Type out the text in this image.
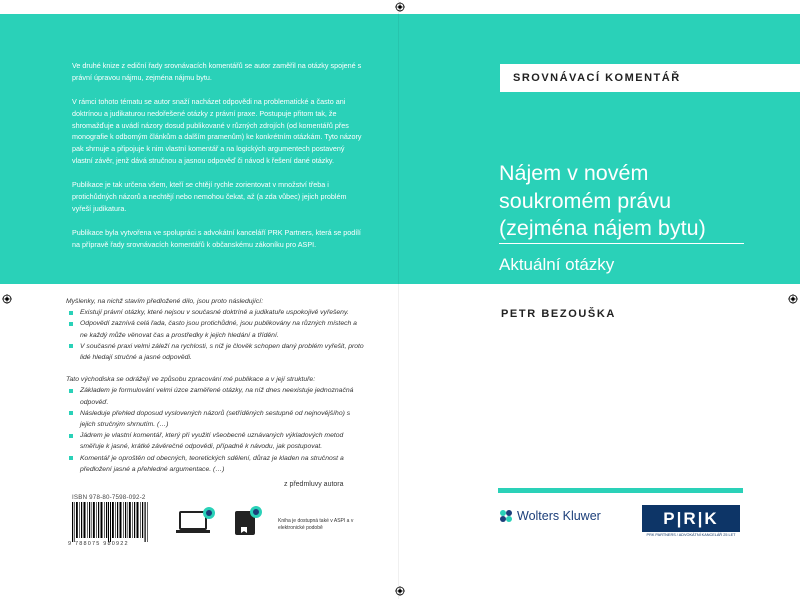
Ve druhé knize z ediční řady srovnávacích komentářů se autor zaměřil na otázky spojené s právní úpravou nájmu, zejména nájmu bytu.

V rámci tohoto tématu se autor snaží nacházet odpovědi na problematické a často ani doktrínou a judikaturou nedořešené otázky z právní praxe. Postupuje přitom tak, že shromažďuje a uvádí názory dosud publikované v různých zdrojích (od komentářů přes monografie k odborným článkům a dalším pramenům) ke konkrétním otázkám. Tyto názory pak shrnuje a připojuje k nim vlastní komentář a na logických argumentech postavený vlastní závěr, jenž dává stručnou a jasnou odpověď či návod k řešení dané otázky.

Publikace je tak určena všem, kteří se chtějí rychle zorientovat v množství třeba i protichůdných názorů a nechtějí nebo nemohou čekat, až (a zda vůbec) jejich problém vyřeší judikatura.

Publikace byla vytvořena ve spolupráci s advokátní kanceláří PRK Partners, která se podílí na přípravě řady srovnávacích komentářů k občanskému zákoníku pro ASPI.

SROVNÁVACÍ KOMENTÁŘ
Nájem v novém
soukromém právu
(zejména nájem bytu)
Aktuální otázky
PETR BEZOUŠKA

Myšlenky, na nichž stavím předložené dílo, jsou proto následující:

Existují právní otázky, které nejsou v současné doktríně a judikatuře uspokojivě vyřešeny.
Odpovědí zaznívá celá řada, často jsou protichůdné, jsou publikovány na různých místech a ne každý může věnovat čas a prostředky k jejich hledání a třídění.
V současné praxi velmi záleží na rychlosti, s níž je člověk schopen daný problém vyřešit, proto lidé hledají stručné a jasné odpovědi.

Tato východiska se odrážejí ve způsobu zpracování mé publikace a v její struktuře:

Základem je formulování velmi úzce zaměřené otázky, na níž dnes neexistuje jednoznačná odpověď.
Následuje přehled doposud vyslovených názorů (setříděných sestupně od nejnovějšího) s jejich stručným shrnutím. (…)
Jádrem je vlastní komentář, který při využití všeobecně uznávaných výkladových metod směřuje k jasné, krátké závěrečné odpovědi, případně k návodu, jak postupovat.
Komentář je oproštěn od obecných, teoretických sdělení, důraz je kladen na stručnost a předložení jasné a přehledné argumentace. (…)
z předmluvy autora
ISBN 978-80-7598-092-2
9 788075 980922
Kniha je dostupná také v ASPI a v elektronické podobě
Wolters Kluwer	P|R|K
PRK PARTNERS / ADVOKÁTNÍ KANCELÁŘ 25 LET
